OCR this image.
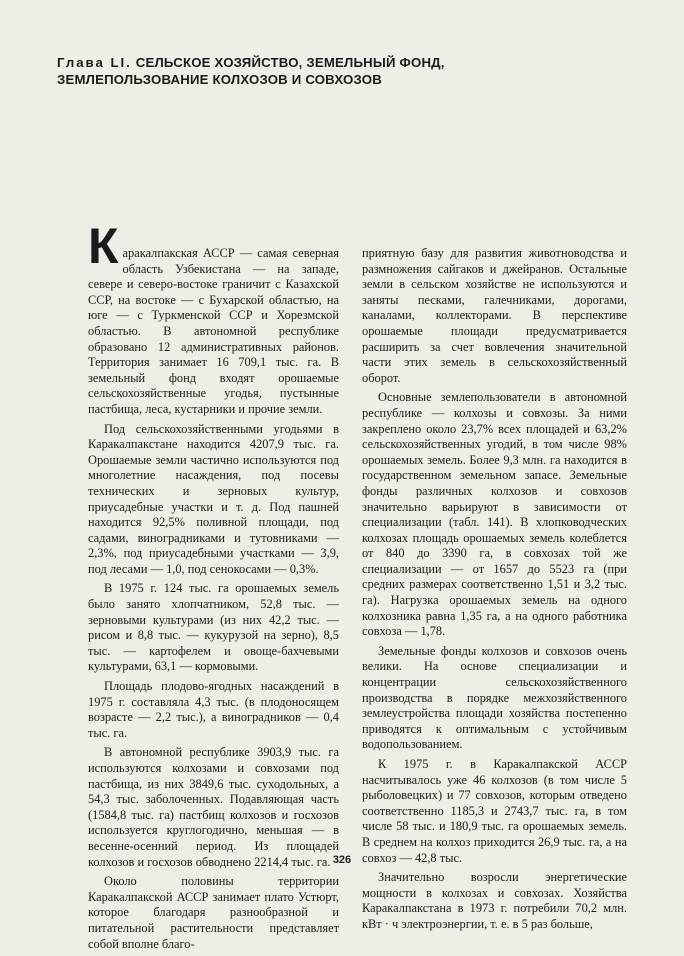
Глава LI. СЕЛЬСКОЕ ХОЗЯЙСТВО, ЗЕМЕЛЬНЫЙ ФОНД,
ЗЕМЛЕПОЛЬЗОВАНИЕ КОЛХОЗОВ И СОВХОЗОВ

К аракалпакская АССР — самая северная область Узбекистана — на западе, севере и северо-востоке граничит с Казахской ССР, на востоке — с Бухарской областью, на юге — с Туркменской ССР и Хорезмской областью. В автономной республике образовано 12 административных районов. Территория занимает 16 709,1 тыс. га. В земельный фонд входят орошаемые сельскохозяйственные угодья, пустынные пастбища, леса, кустарники и прочие земли.

Под сельскохозяйственными угодьями в Каракалпакстане находится 4207,9 тыс. га. Орошаемые земли частично используются под многолетние насаждения, под посевы технических и зерновых культур, приусадебные участки и т. д. Под пашней находится 92,5% поливной площади, под садами, виноградниками и тутовниками — 2,3%, под приусадебными участками — 3,9, под лесами — 1,0, под сенокосами — 0,3%.

В 1975 г. 124 тыс. га орошаемых земель было занято хлопчатником, 52,8 тыс. — зерновыми культурами (из них 42,2 тыс. — рисом и 8,8 тыс. — кукурузой на зерно), 8,5 тыс. — картофелем и овоще-бахчевыми культурами, 63,1 — кормовыми.

Площадь плодово-ягодных насаждений в 1975 г. составляла 4,3 тыс. (в плодоносящем возрасте — 2,2 тыс.), а виноградников — 0,4 тыс. га.

В автономной республике 3903,9 тыс. га используются колхозами и совхозами под пастбища, из них 3849,6 тыс. суходольных, а 54,3 тыс. заболоченных. Подавляющая часть (1584,8 тыс. га) пастбищ колхозов и госхозов используется круглогодично, меньшая — в весенне-осенний период. Из площадей колхозов и госхозов обводнено 2214,4 тыс. га.

Около половины территории Каракалпакской АССР занимает плато Устюрт, которое благодаря разнообразной и питательной растительности представляет собой вполне благо-

приятную базу для развития животноводства и размножения сайгаков и джейранов. Остальные земли в сельском хозяйстве не используются и заняты песками, галечниками, дорогами, каналами, коллекторами. В перспективе орошаемые площади предусматривается расширить за счет вовлечения значительной части этих земель в сельскохозяйственный оборот.

Основные землепользователи в автономной республике — колхозы и совхозы. За ними закреплено около 23,7% всех площадей и 63,2% сельскохозяйственных угодий, в том числе 98% орошаемых земель. Более 9,3 млн. га находится в государственном земельном запасе. Земельные фонды различных колхозов и совхозов значительно варьируют в зависимости от специализации (табл. 141). В хлопководческих колхозах площадь орошаемых земель колеблется от 840 до 3390 га, в совхозах той же специализации — от 1657 до 5523 га (при средних размерах соответственно 1,51 и 3,2 тыс. га). Нагрузка орошаемых земель на одного колхозника равна 1,35 га, а на одного работника совхоза — 1,78.

Земельные фонды колхозов и совхозов очень велики. На основе специализации и концентрации сельскохозяйственного производства в порядке межхозяйственного землеустройства площади хозяйства постепенно приводятся к оптимальным с устойчивым водопользованием.

К 1975 г. в Каракалпакской АССР насчитывалось уже 46 колхозов (в том числе 5 рыболовецких) и 77 совхозов, которым отведено соответственно 1185,3 и 2743,7 тыс. га, в том числе 58 тыс. и 180,9 тыс. га орошаемых земель. В среднем на колхоз приходится 26,9 тыс. га, а на совхоз — 42,8 тыс.

Значительно возросли энергетические мощности в колхозах и совхозах. Хозяйства Каракалпакстана в 1973 г. потребили 70,2 млн. кВт · ч электроэнергии, т. е. в 5 раз больше,

326
